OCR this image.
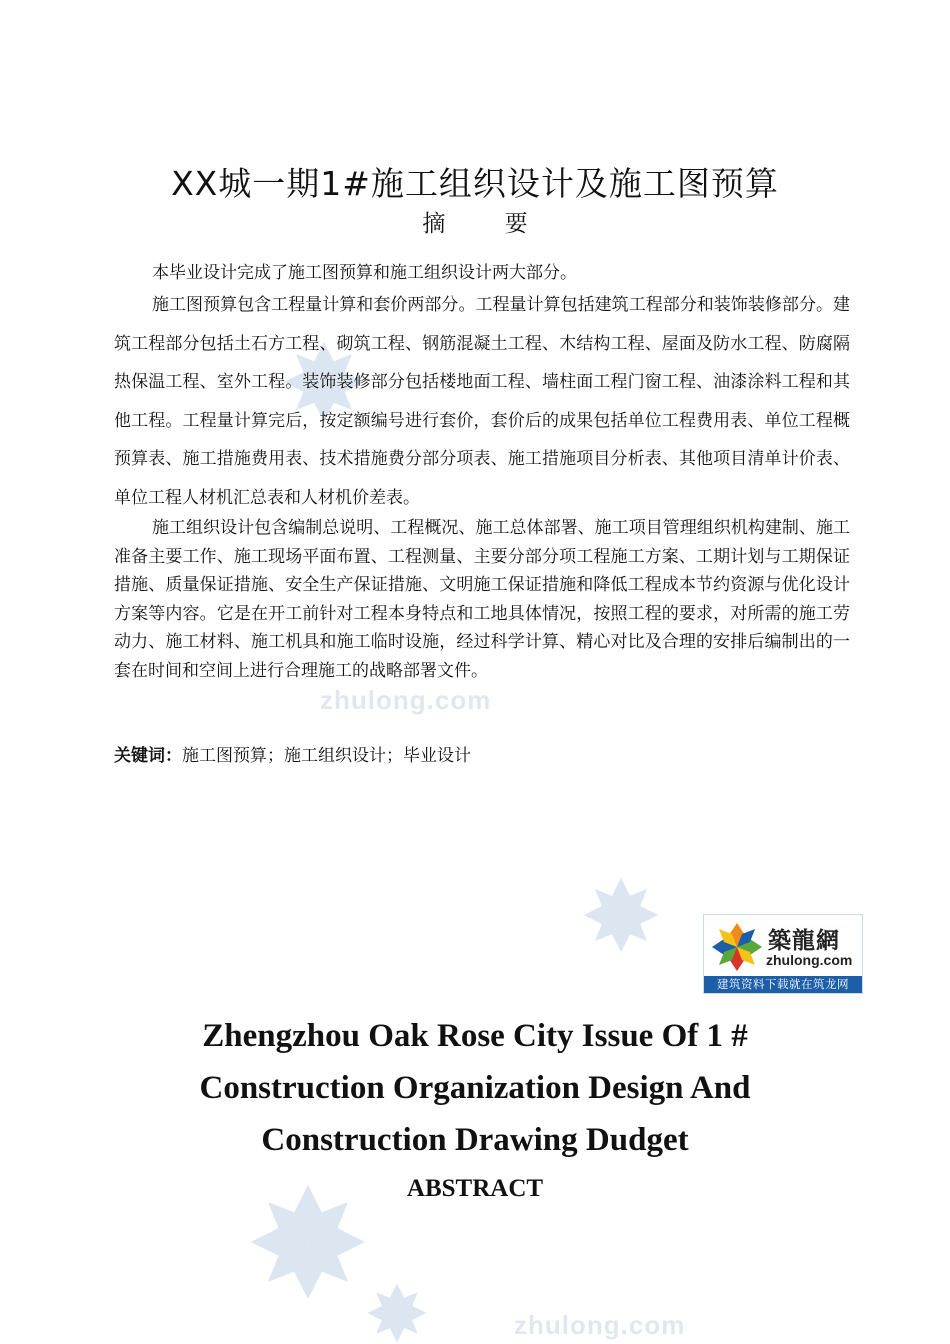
zhulong.com
zhulong.com
XX城一期1#施工组织设计及施工图预算
摘 要
本毕业设计完成了施工图预算和施工组织设计两大部分。

施工图预算包含工程量计算和套价两部分。工程量计算包括建筑工程部分和装饰装修部分。建筑工程部分包括土石方工程、砌筑工程、钢筋混凝土工程、木结构工程、屋面及防水工程、防腐隔热保温工程、室外工程。装饰装修部分包括楼地面工程、墙柱面工程门窗工程、油漆涂料工程和其他工程。工程量计算完后，按定额编号进行套价，套价后的成果包括单位工程费用表、单位工程概预算表、施工措施费用表、技术措施费分部分项表、施工措施项目分析表、其他项目清单计价表、单位工程人材机汇总表和人材机价差表。

施工组织设计包含编制总说明、工程概况、施工总体部署、施工项目管理组织机构建制、施工准备主要工作、施工现场平面布置、工程测量、主要分部分项工程施工方案、工期计划与工期保证措施、质量保证措施、安全生产保证措施、文明施工保证措施和降低工程成本节约资源与优化设计方案等内容。它是在开工前针对工程本身特点和工地具体情况，按照工程的要求，对所需的施工劳动力、施工材料、施工机具和施工临时设施，经过科学计算、精心对比及合理的安排后编制出的一套在时间和空间上进行合理施工的战略部署文件。

关键词：施工图预算；施工组织设计；毕业设计
築龍網
zhulong.com
建筑资料下载就在筑龙网
Zhengzhou Oak Rose City Issue Of 1 #
Construction Organization Design And
Construction Drawing Dudget
ABSTRACT
